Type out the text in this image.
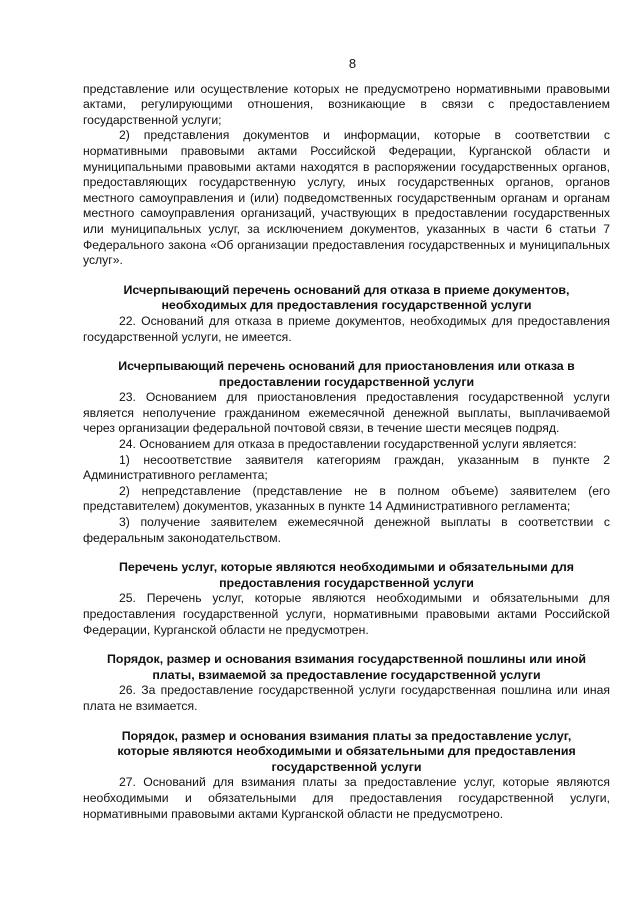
8

представление или осуществление которых не предусмотрено нормативными правовыми актами, регулирующими отношения, возникающие в связи с предоставлением государственной услуги;

2) представления документов и информации, которые в соответствии с нормативными правовыми актами Российской Федерации, Курганской области и муниципальными правовыми актами находятся в распоряжении государственных органов, предоставляющих государственную услугу, иных государственных органов, органов местного самоуправления и (или) подведомственных государственным органам и органам местного самоуправления организаций, участвующих в предоставлении государственных или муниципальных услуг, за исключением документов, указанных в части 6 статьи 7 Федерального закона «Об организации предоставления государственных и муниципальных услуг».

Исчерпывающий перечень оснований для отказа в приеме документов, необходимых для предоставления государственной услуги

22. Оснований для отказа в приеме документов, необходимых для предоставления государственной услуги, не имеется.

Исчерпывающий перечень оснований для приостановления или отказа в предоставлении государственной услуги

23. Основанием для приостановления предоставления государственной услуги является неполучение гражданином ежемесячной денежной выплаты, выплачиваемой через организации федеральной почтовой связи, в течение шести месяцев подряд.

24. Основанием для отказа в предоставлении государственной услуги является:

1) несоответствие заявителя категориям граждан, указанным в пункте 2 Административного регламента;

2) непредставление (представление не в полном объеме) заявителем (его представителем) документов, указанных в пункте 14 Административного регламента;

3) получение заявителем ежемесячной денежной выплаты в соответствии с федеральным законодательством.

Перечень услуг, которые являются необходимыми и обязательными для предоставления государственной услуги

25. Перечень услуг, которые являются необходимыми и обязательными для предоставления государственной услуги, нормативными правовыми актами Российской Федерации, Курганской области не предусмотрен.

Порядок, размер и основания взимания государственной пошлины или иной платы, взимаемой за предоставление государственной услуги

26. За предоставление государственной услуги государственная пошлина или иная плата не взимается.

Порядок, размер и основания взимания платы за предоставление услуг, которые являются необходимыми и обязательными для предоставления государственной услуги

27. Оснований для взимания платы за предоставление услуг, которые являются необходимыми и обязательными для предоставления государственной услуги, нормативными правовыми актами Курганской области не предусмотрено.
